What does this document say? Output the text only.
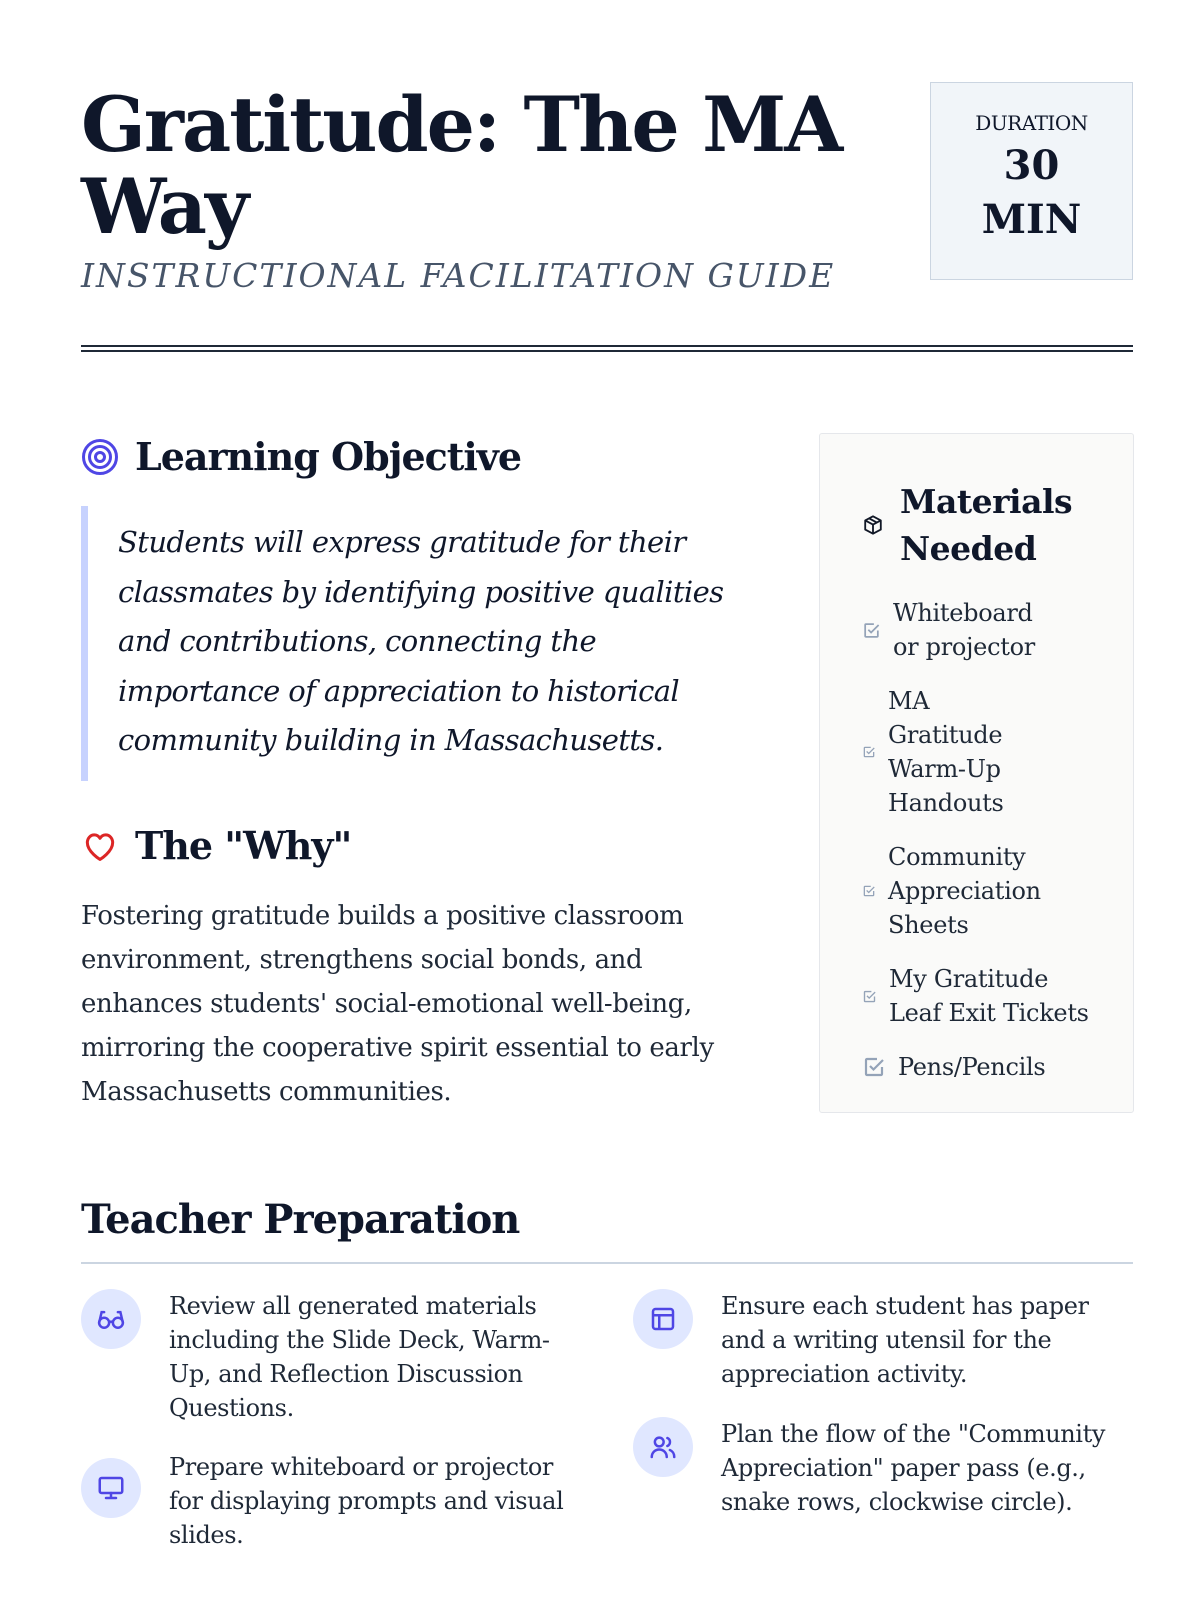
Gratitude: The MA Way
INSTRUCTIONAL FACILITATION GUIDE
DURATION
30 MIN
Learning Objective
Students will express gratitude for their classmates by identifying positive qualities and contributions, connecting the importance of appreciation to historical community building in Massachusetts.
The "Why"
Fostering gratitude builds a positive classroom environment, strengthens social bonds, and enhances students' social-emotional well-being, mirroring the cooperative spirit essential to early Massachusetts communities.
Materials Needed
Whiteboard or projector
MA Gratitude Warm-Up Handouts
Community Appreciation Sheets
My Gratitude Leaf Exit Tickets
Pens/Pencils
Teacher Preparation
Review all generated materials including the Slide Deck, Warm-Up, and Reflection Discussion Questions.
Prepare whiteboard or projector for displaying prompts and visual slides.
Ensure each student has paper and a writing utensil for the appreciation activity.
Plan the flow of the "Community Appreciation" paper pass (e.g., snake rows, clockwise circle).
